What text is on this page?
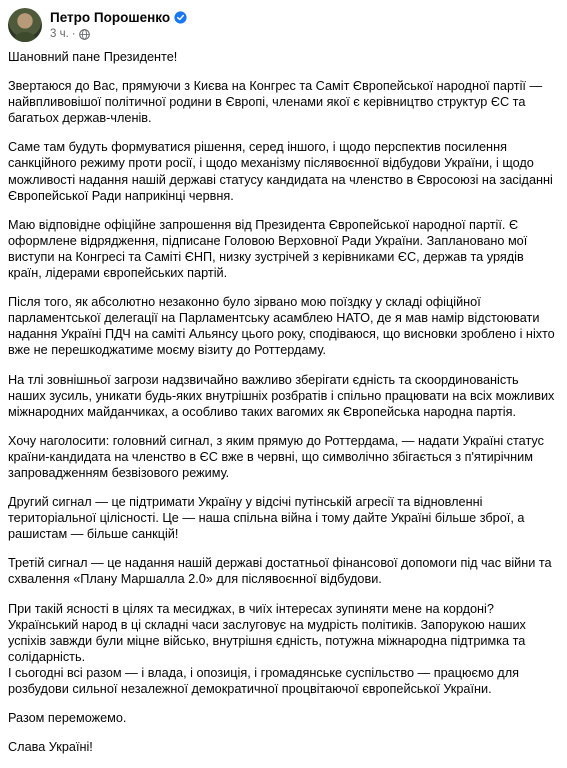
Петро Порошенко
3 ч. ·

Шановний пане Президенте!

Звертаюся до Вас, прямуючи з Києва на Конгрес та Саміт Європейської народної партії — найвпливовішої політичної родини в Європі, членами якої є керівництво структур ЄС та багатьох держав-членів.

Саме там будуть формуватися рішення, серед іншого, і щодо перспектив посилення санкційного режиму проти росії, і щодо механізму післявоєнної відбудови України, і щодо можливості надання нашій державі статусу кандидата на членство в Євросоюзі на засіданні Європейської Ради наприкінці червня.

Маю відповідне офіційне запрошення від Президента Європейської народної партії. Є оформлене відрядження, підписане Головою Верховної Ради України. Заплановано мої виступи на Конгресі та Саміті ЄНП, низку зустрічей з керівниками ЄС, держав та урядів країн, лідерами європейських партій.

Після того, як абсолютно незаконно було зірвано мою поїздку у складі офіційної парламентської делегації на Парламентську асамблею НАТО, де я мав намір відстоювати надання Україні ПДЧ на саміті Альянсу цього року, сподіваюся, що висновки зроблено і ніхто вже не перешкоджатиме моєму візиту до Роттердаму.

На тлі зовнішньої загрози надзвичайно важливо зберігати єдність та скоординованість наших зусиль, уникати будь-яких внутрішніх розбратів і спільно працювати на всіх можливих міжнародних майданчиках, а особливо таких вагомих як Європейська народна партія.

Хочу наголосити: головний сигнал, з яким прямую до Роттердама, — надати Україні статус країни-кандидата на членство в ЄС вже в червні, що символічно збігається з п'ятирічним запровадженням безвізового режиму.

Другий сигнал — це підтримати Україну у відсічі путінській агресії та відновленні територіальної цілісності. Це — наша спільна війна і тому дайте Україні більше зброї, а рашистам — більше санкцій!

Третій сигнал — це надання нашій державі достатньої фінансової допомоги під час війни та схвалення «Плану Маршалла 2.0» для післявоєнної відбудови.

При такій ясності в цілях та месиджах, в чиїх інтересах зупиняти мене на кордоні? Український народ в ці складні часи заслуговує на мудрість політиків. Запорукою наших успіхів завжди були міцне військо, внутрішня єдність, потужна міжнародна підтримка та солідарність.

І сьогодні всі разом — і влада, і опозиція, і громадянське суспільство — працюємо для розбудови сильної незалежної демократичної процвітаючої європейської України.

Разом переможемо.

Слава Україні!
